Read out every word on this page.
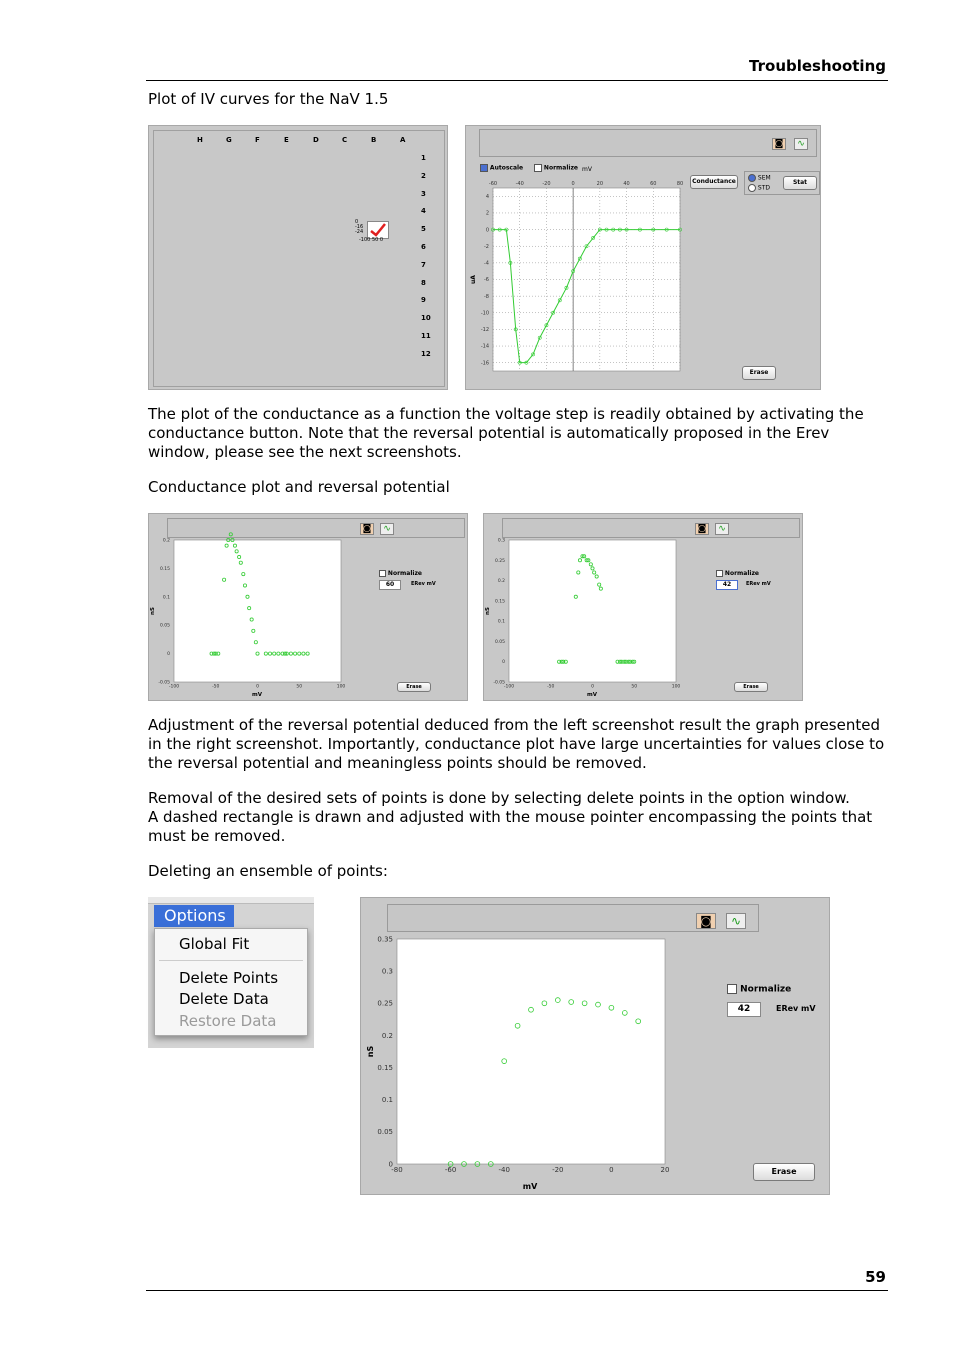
Troubleshooting
Plot of IV curves for the NaV 1.5
H	G	F	E	D	C	B	A
1
2
3
4
5
6
7
8
9
10
11
12
0
-16
-24
-100 50 0
◙	∿
Autoscale	Normalize mV
-60	-40	-20	0	20	40	60	80
4
2
0
-2
-4
-6
-8
-10
-12
-14
-16
uA
Conductance	SEM
STD
Stat
Erase
The plot of the conductance as a function the voltage step is readily obtained by activating the conductance button. Note that the reversal potential is automatically proposed in the Erev window, please see the next screenshots.
Conductance plot and reversal potential
◙	∿
-100	-50	0	50	100
0.2
0.15
0.1
0.05
0
-0.05
mV
nS
Normalize
60	ERev mV
Erase
◙	∿
-100	-50	0	50	100
0.3
0.25
0.2
0.15
0.1
0.05
0
-0.05
mV
nS
Normalize
42	ERev mV
Erase
Adjustment of the reversal potential deduced from the left screenshot result the graph presented in the right screenshot. Importantly, conductance plot have large uncertainties for values close to the reversal potential and meaningless points should be removed.
Removal of the desired sets of points is done by selecting delete points in the option window.
A dashed rectangle is drawn and adjusted with the mouse pointer encompassing the points that must be removed.
Deleting an ensemble of points:
Options
Global Fit
Delete Points
Delete Data
Restore Data
◙	∿
-80	-60	-40	-20	0	20
0.35
0.3
0.25
0.2
0.15
0.1
0.05
0
mV
nS
Normalize
42	ERev mV
Erase
59
